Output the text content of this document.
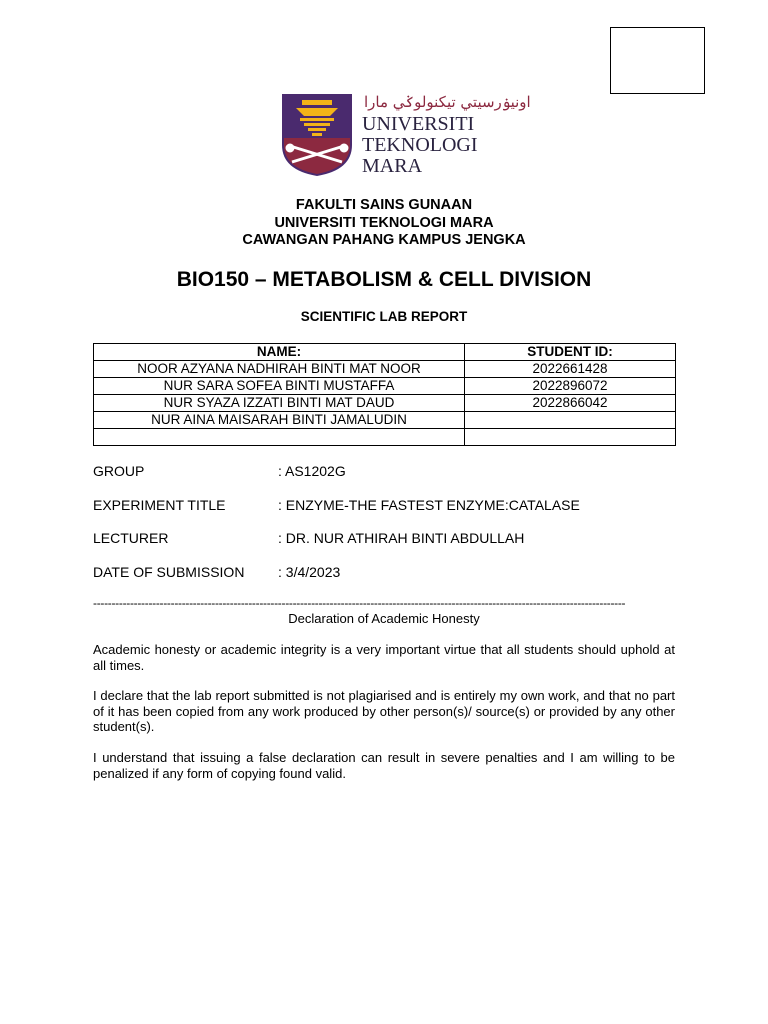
اونيۏرسيتي تيكنولوݢي مارا
UNIVERSITI
TEKNOLOGI
MARA
FAKULTI SAINS GUNAAN
UNIVERSITI TEKNOLOGI MARA
CAWANGAN PAHANG KAMPUS JENGKA
BIO150 – METABOLISM & CELL DIVISION
SCIENTIFIC LAB REPORT
NAME:	STUDENT ID:
NOOR AZYANA NADHIRAH BINTI MAT NOOR	2022661428
NUR SARA SOFEA BINTI MUSTAFFA	2022896072
NUR SYAZA IZZATI BINTI MAT DAUD	2022866042
NUR AINA MAISARAH BINTI JAMALUDIN	

GROUP	: AS1202G
EXPERIMENT TITLE	: ENZYME-THE FASTEST ENZYME:CATALASE
LECTURER	: DR. NUR ATHIRAH BINTI ABDULLAH
DATE OF SUBMISSION : 3/4/2023
------------------------------------------------------------------------------------------------------------------------------------------------
Declaration of Academic Honesty
Academic honesty or academic integrity is a very important virtue that all students should uphold at all times.
I declare that the lab report submitted is not plagiarised and is entirely my own work, and that no part of it has been copied from any work produced by other person(s)/ source(s) or provided by any other student(s).
I understand that issuing a false declaration can result in severe penalties and I am willing to be penalized if any form of copying found valid.
